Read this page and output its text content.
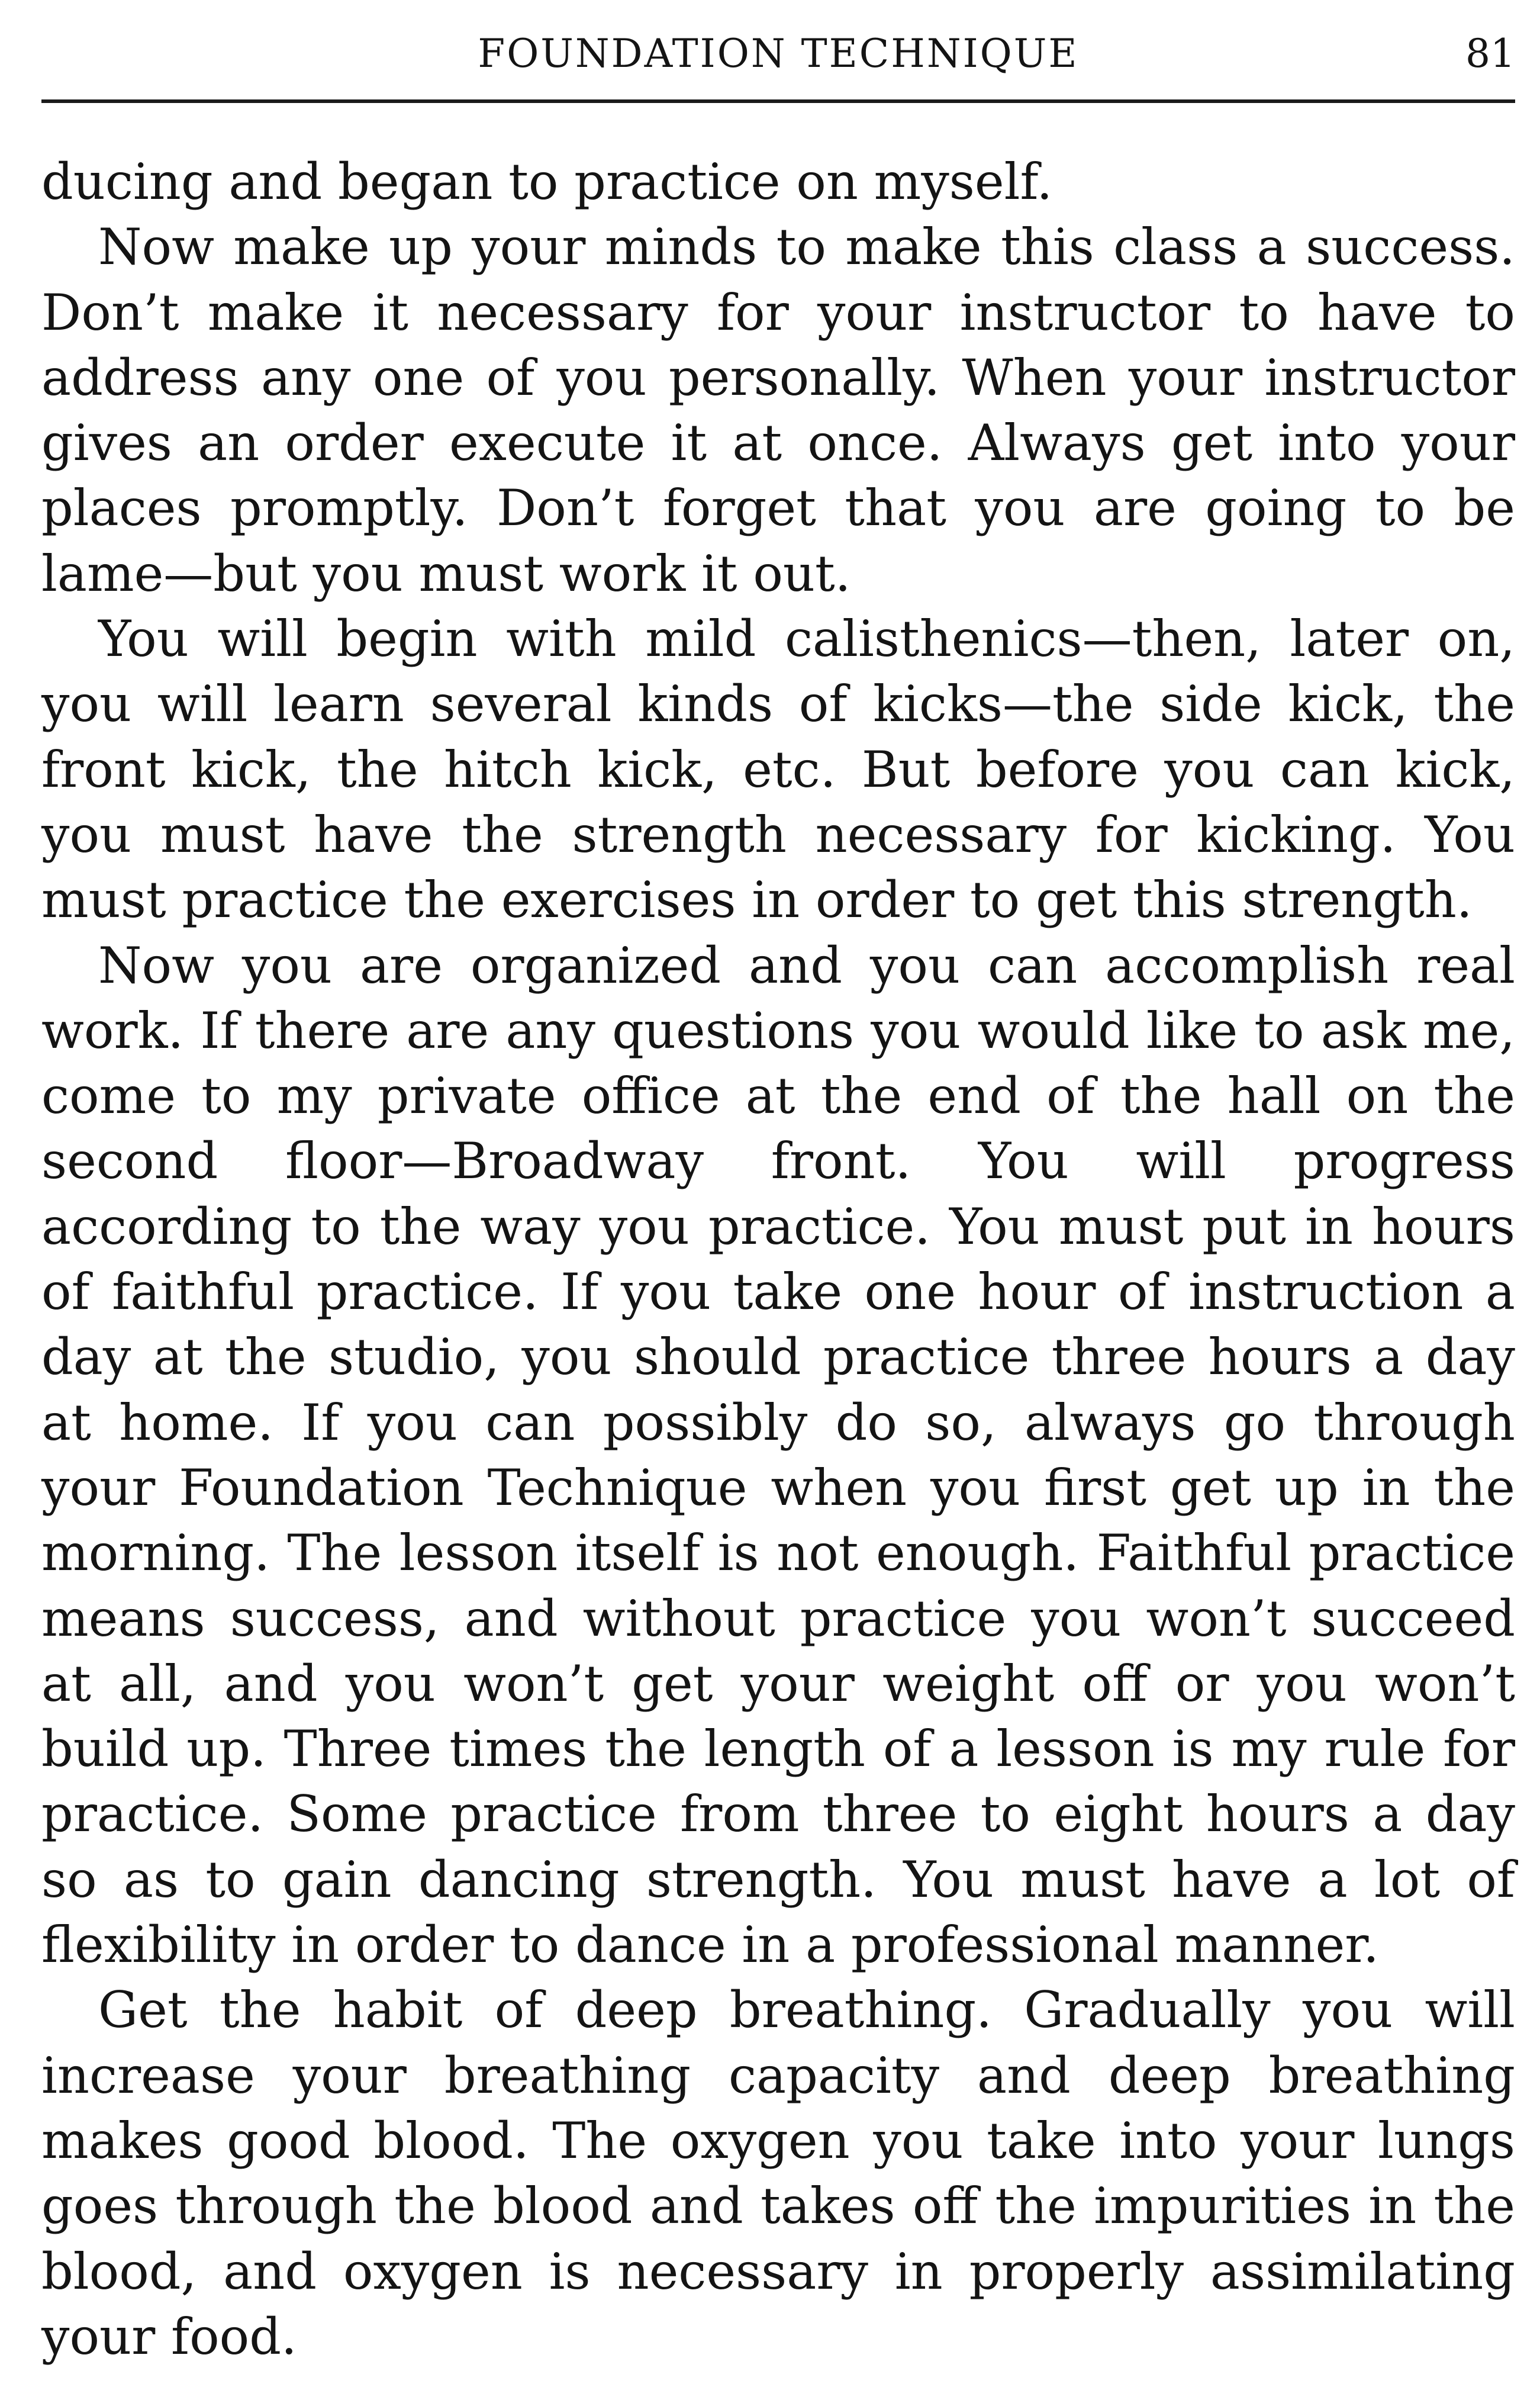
FOUNDATION TECHNIQUE	81

ducing and began to practice on myself.

Now make up your minds to make this class a success. Don’t make it necessary for your instructor to have to address any one of you personally. When your instructor gives an order execute it at once. Always get into your places promptly. Don’t forget that you are going to be lame—but you must work it out.

You will begin with mild calisthenics—then, later on, you will learn several kinds of kicks—the side kick, the front kick, the hitch kick, etc. But before you can kick, you must have the strength necessary for kicking. You must practice the exercises in order to get this strength.

Now you are organized and you can accomplish real work. If there are any questions you would like to ask me, come to my private office at the end of the hall on the second floor—Broadway front. You will progress according to the way you practice. You must put in hours of faithful practice. If you take one hour of instruction a day at the studio, you should practice three hours a day at home. If you can possibly do so, always go through your Foundation Technique when you first get up in the morning. The lesson itself is not enough. Faithful practice means success, and without practice you won’t succeed at all, and you won’t get your weight off or you won’t build up. Three times the length of a lesson is my rule for practice. Some practice from three to eight hours a day so as to gain dancing strength. You must have a lot of flexibility in order to dance in a professional manner.

Get the habit of deep breathing. Gradually you will increase your breathing capacity and deep breathing makes good blood. The oxygen you take into your lungs goes through the blood and takes off the impurities in the blood, and oxygen is necessary in properly assimilating your food.
